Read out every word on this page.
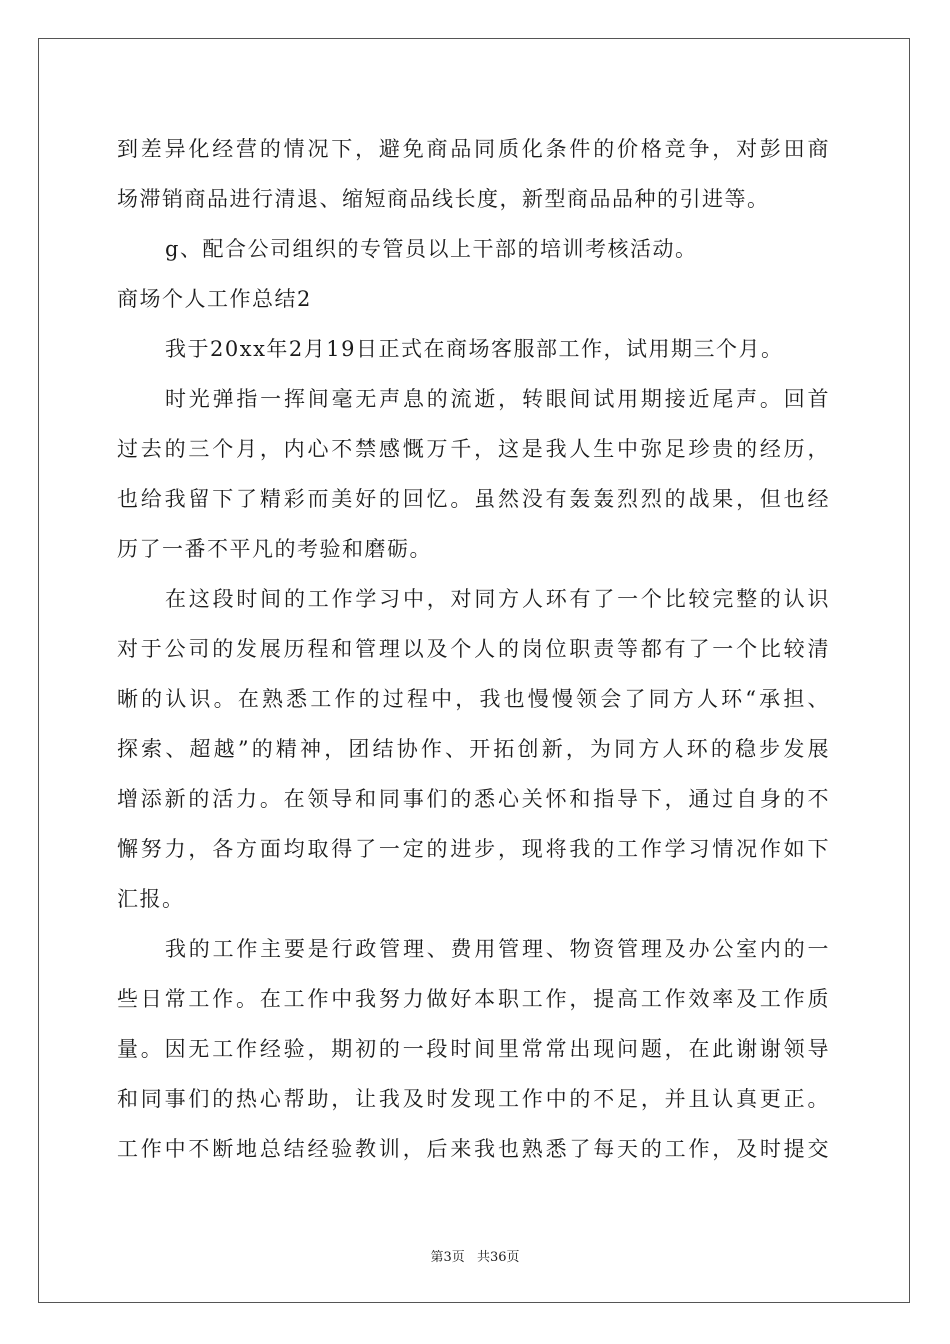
到差异化经营的情况下，避免商品同质化条件的价格竞争，对彭田商
场滞销商品进行清退、缩短商品线长度，新型商品品种的引进等。
g、配合公司组织的专管员以上干部的培训考核活动。
商场个人工作总结2
我于20xx年2月19日正式在商场客服部工作，试用期三个月。
时光弹指一挥间毫无声息的流逝，转眼间试用期接近尾声。回首
过去的三个月，内心不禁感慨万千，这是我人生中弥足珍贵的经历，
也给我留下了精彩而美好的回忆。虽然没有轰轰烈烈的战果，但也经
历了一番不平凡的考验和磨砺。
在这段时间的工作学习中，对同方人环有了一个比较完整的认识
对于公司的发展历程和管理以及个人的岗位职责等都有了一个比较清
晰的认识。在熟悉工作的过程中，我也慢慢领会了同方人环“承担、
探索、超越”的精神，团结协作、开拓创新，为同方人环的稳步发展
增添新的活力。在领导和同事们的悉心关怀和指导下，通过自身的不
懈努力，各方面均取得了一定的进步，现将我的工作学习情况作如下
汇报。
我的工作主要是行政管理、费用管理、物资管理及办公室内的一
些日常工作。在工作中我努力做好本职工作，提高工作效率及工作质
量。因无工作经验，期初的一段时间里常常出现问题，在此谢谢领导
和同事们的热心帮助，让我及时发现工作中的不足，并且认真更正。
工作中不断地总结经验教训，后来我也熟悉了每天的工作，及时提交
第3页 共36页
